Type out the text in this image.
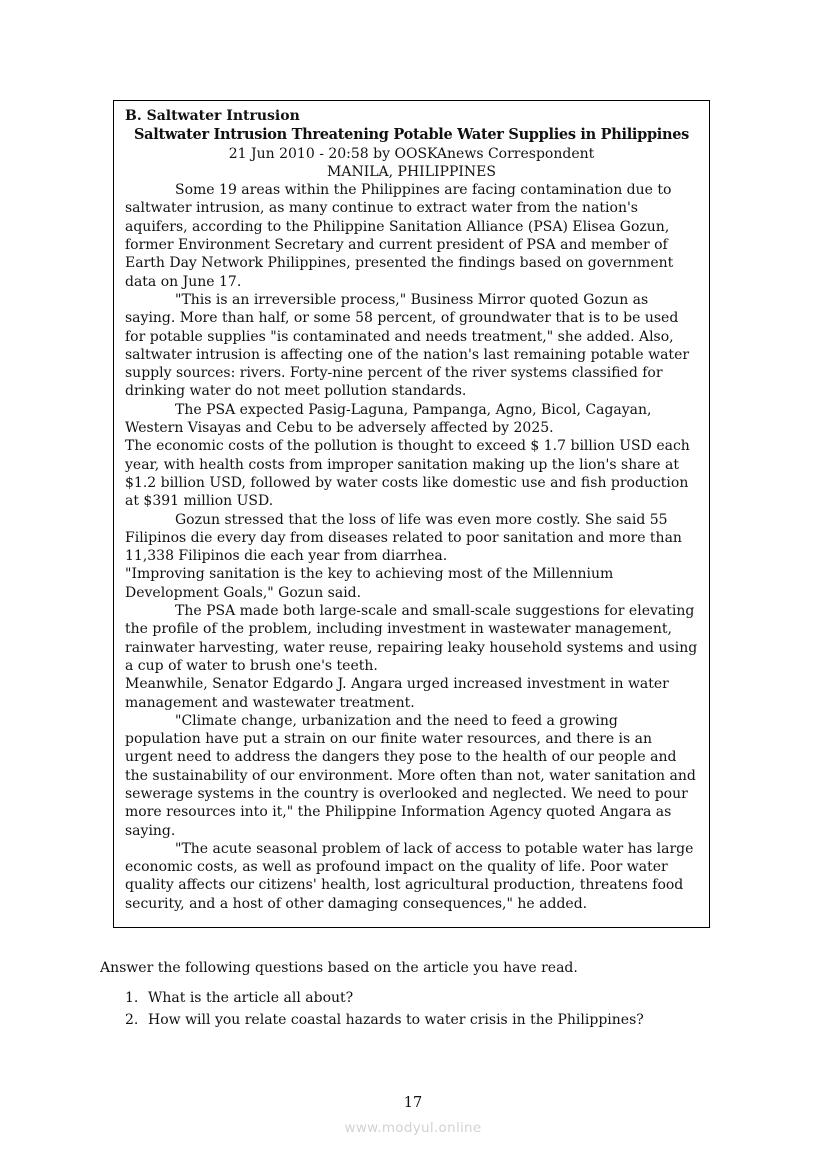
B. Saltwater Intrusion
Saltwater Intrusion Threatening Potable Water Supplies in Philippines
21 Jun 2010 - 20:58 by OOSKAnews Correspondent
MANILA, PHILIPPINES

Some 19 areas within the Philippines are facing contamination due to saltwater intrusion, as many continue to extract water from the nation's aquifers, according to the Philippine Sanitation Alliance (PSA) Elisea Gozun, former Environment Secretary and current president of PSA and member of Earth Day Network Philippines, presented the findings based on government data on June 17.

"This is an irreversible process," Business Mirror quoted Gozun as saying. More than half, or some 58 percent, of groundwater that is to be used for potable supplies "is contaminated and needs treatment," she added. Also, saltwater intrusion is affecting one of the nation's last remaining potable water supply sources: rivers. Forty-nine percent of the river systems classified for drinking water do not meet pollution standards.

The PSA expected Pasig-Laguna, Pampanga, Agno, Bicol, Cagayan, Western Visayas and Cebu to be adversely affected by 2025.

The economic costs of the pollution is thought to exceed $ 1.7 billion USD each year, with health costs from improper sanitation making up the lion's share at $1.2 billion USD, followed by water costs like domestic use and fish production at $391 million USD.

Gozun stressed that the loss of life was even more costly. She said 55 Filipinos die every day from diseases related to poor sanitation and more than 11,338 Filipinos die each year from diarrhea.

"Improving sanitation is the key to achieving most of the Millennium Development Goals," Gozun said.

The PSA made both large-scale and small-scale suggestions for elevating the profile of the problem, including investment in wastewater management, rainwater harvesting, water reuse, repairing leaky household systems and using a cup of water to brush one's teeth.

Meanwhile, Senator Edgardo J. Angara urged increased investment in water management and wastewater treatment.

"Climate change, urbanization and the need to feed a growing population have put a strain on our finite water resources, and there is an urgent need to address the dangers they pose to the health of our people and the sustainability of our environment. More often than not, water sanitation and sewerage systems in the country is overlooked and neglected. We need to pour more resources into it," the Philippine Information Agency quoted Angara as saying.

"The acute seasonal problem of lack of access to potable water has large economic costs, as well as profound impact on the quality of life. Poor water quality affects our citizens' health, lost agricultural production, threatens food security, and a host of other damaging consequences," he added.

Answer the following questions based on the article you have read.
1. What is the article all about?
2. How will you relate coastal hazards to water crisis in the Philippines?
17
www.modyul.online
